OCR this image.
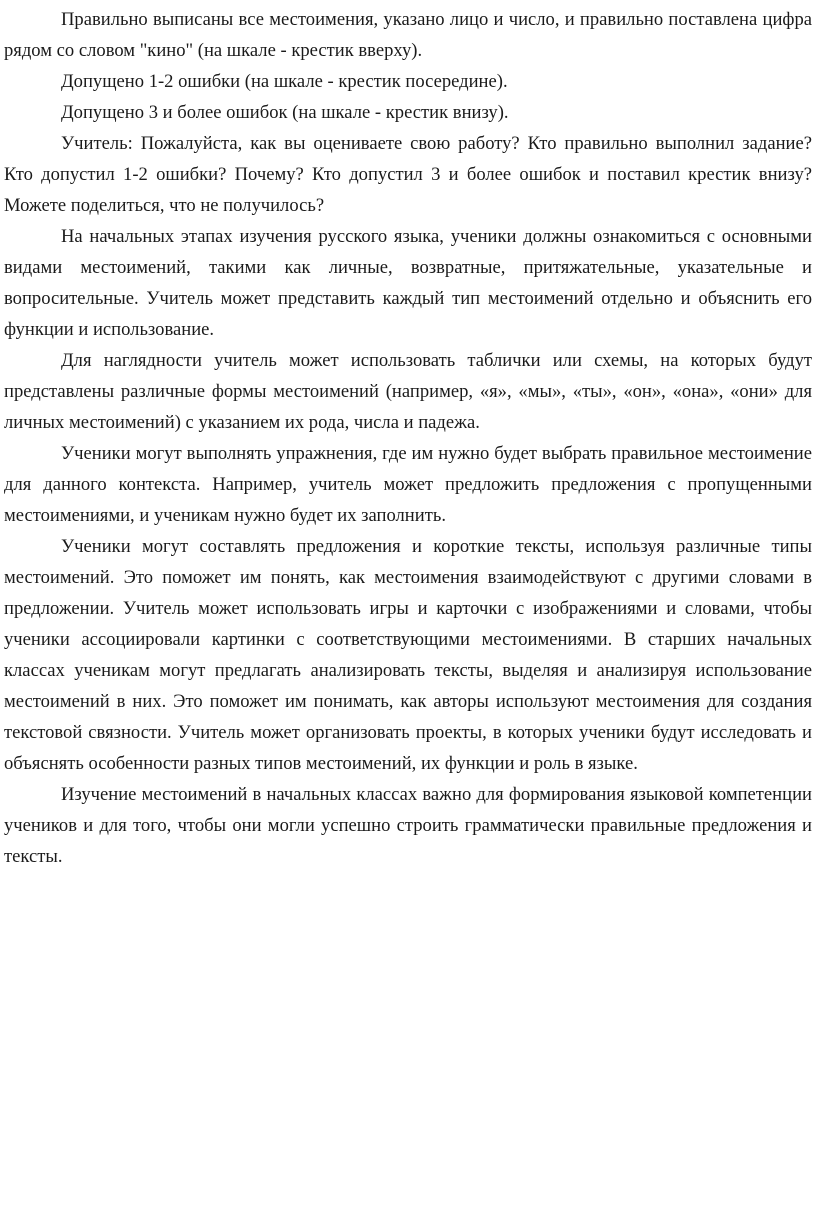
Правильно выписаны все местоимения, указано лицо и число, и правильно поставлена цифра рядом со словом "кино" (на шкале - крестик вверху).

Допущено 1-2 ошибки (на шкале - крестик посередине).

Допущено 3 и более ошибок (на шкале - крестик внизу).

Учитель: Пожалуйста, как вы оцениваете свою работу? Кто правильно выполнил задание? Кто допустил 1-2 ошибки? Почему? Кто допустил 3 и более ошибок и поставил крестик внизу? Можете поделиться, что не получилось?

На начальных этапах изучения русского языка, ученики должны ознакомиться с основными видами местоимений, такими как личные, возвратные, притяжательные, указательные и вопросительные. Учитель может представить каждый тип местоимений отдельно и объяснить его функции и использование.

Для наглядности учитель может использовать таблички или схемы, на которых будут представлены различные формы местоимений (например, «я», «мы», «ты», «он», «она», «они» для личных местоимений) с указанием их рода, числа и падежа.

Ученики могут выполнять упражнения, где им нужно будет выбрать правильное местоимение для данного контекста. Например, учитель может предложить предложения с пропущенными местоимениями, и ученикам нужно будет их заполнить.

Ученики могут составлять предложения и короткие тексты, используя различные типы местоимений. Это поможет им понять, как местоимения взаимодействуют с другими словами в предложении. Учитель может использовать игры и карточки с изображениями и словами, чтобы ученики ассоциировали картинки с соответствующими местоимениями. В старших начальных классах ученикам могут предлагать анализировать тексты, выделяя и анализируя использование местоимений в них. Это поможет им понимать, как авторы используют местоимения для создания текстовой связности. Учитель может организовать проекты, в которых ученики будут исследовать и объяснять особенности разных типов местоимений, их функции и роль в языке.

Изучение местоимений в начальных классах важно для формирования языковой компетенции учеников и для того, чтобы они могли успешно строить грамматически правильные предложения и тексты.
